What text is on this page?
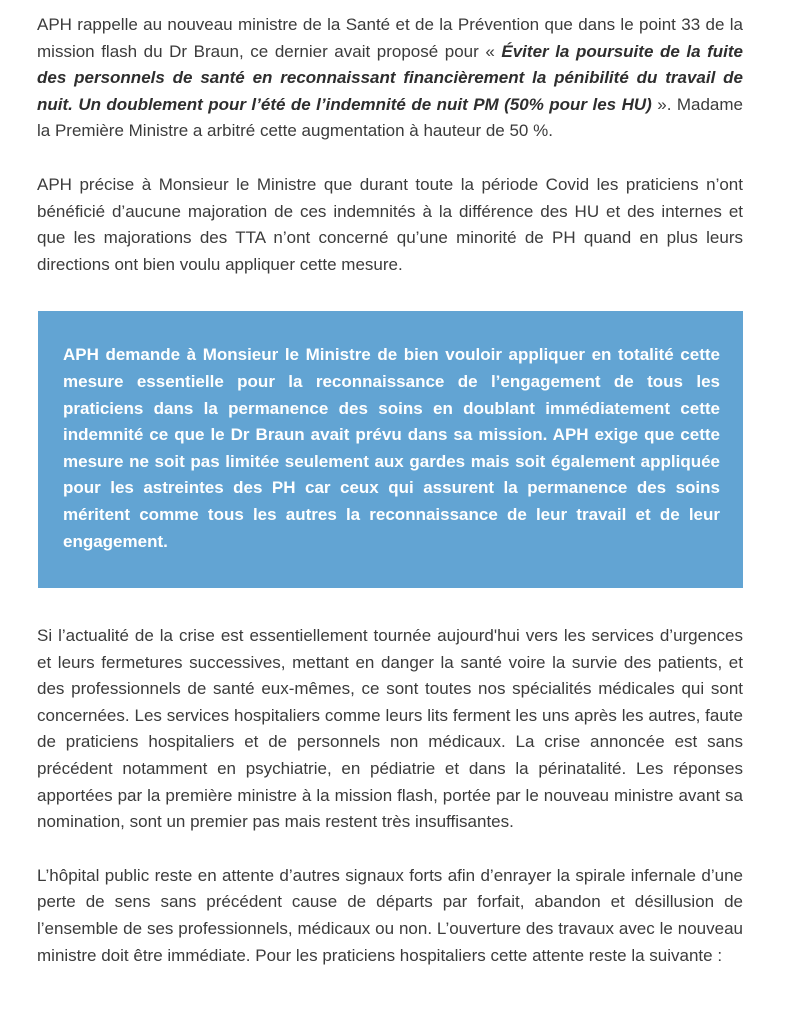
APH rappelle au nouveau ministre de la Santé et de la Prévention que dans le point 33 de la mission flash du Dr Braun, ce dernier avait proposé pour « Éviter la poursuite de la fuite des personnels de santé en reconnaissant financièrement la pénibilité du travail de nuit. Un doublement pour l’été de l’indemnité de nuit PM (50% pour les HU) ». Madame la Première Ministre a arbitré cette augmentation à hauteur de 50 %.

APH précise à Monsieur le Ministre que durant toute la période Covid les praticiens n’ont bénéficié d’aucune majoration de ces indemnités à la différence des HU et des internes et que les majorations des TTA n’ont concerné qu’une minorité de PH quand en plus leurs directions ont bien voulu appliquer cette mesure.

APH demande à Monsieur le Ministre de bien vouloir appliquer en totalité cette mesure essentielle pour la reconnaissance de l’engagement de tous les praticiens dans la permanence des soins en doublant immédiatement cette indemnité ce que le Dr Braun avait prévu dans sa mission. APH exige que cette mesure ne soit pas limitée seulement aux gardes mais soit également appliquée pour les astreintes des PH car ceux qui assurent la permanence des soins méritent comme tous les autres la reconnaissance de leur travail et de leur engagement.

Si l’actualité de la crise est essentiellement tournée aujourd'hui vers les services d’urgences et leurs fermetures successives, mettant en danger la santé voire la survie des patients, et des professionnels de santé eux-mêmes, ce sont toutes nos spécialités médicales qui sont concernées. Les services hospitaliers comme leurs lits ferment les uns après les autres, faute de praticiens hospitaliers et de personnels non médicaux. La crise annoncée est sans précédent notamment en psychiatrie, en pédiatrie et dans la périnatalité. Les réponses apportées par la première ministre à la mission flash, portée par le nouveau ministre avant sa nomination, sont un premier pas mais restent très insuffisantes.

L’hôpital public reste en attente d’autres signaux forts afin d’enrayer la spirale infernale d’une perte de sens sans précédent cause de départs par forfait, abandon et désillusion de l’ensemble de ses professionnels, médicaux ou non. L’ouverture des travaux avec le nouveau ministre doit être immédiate. Pour les praticiens hospitaliers cette attente reste la suivante :
